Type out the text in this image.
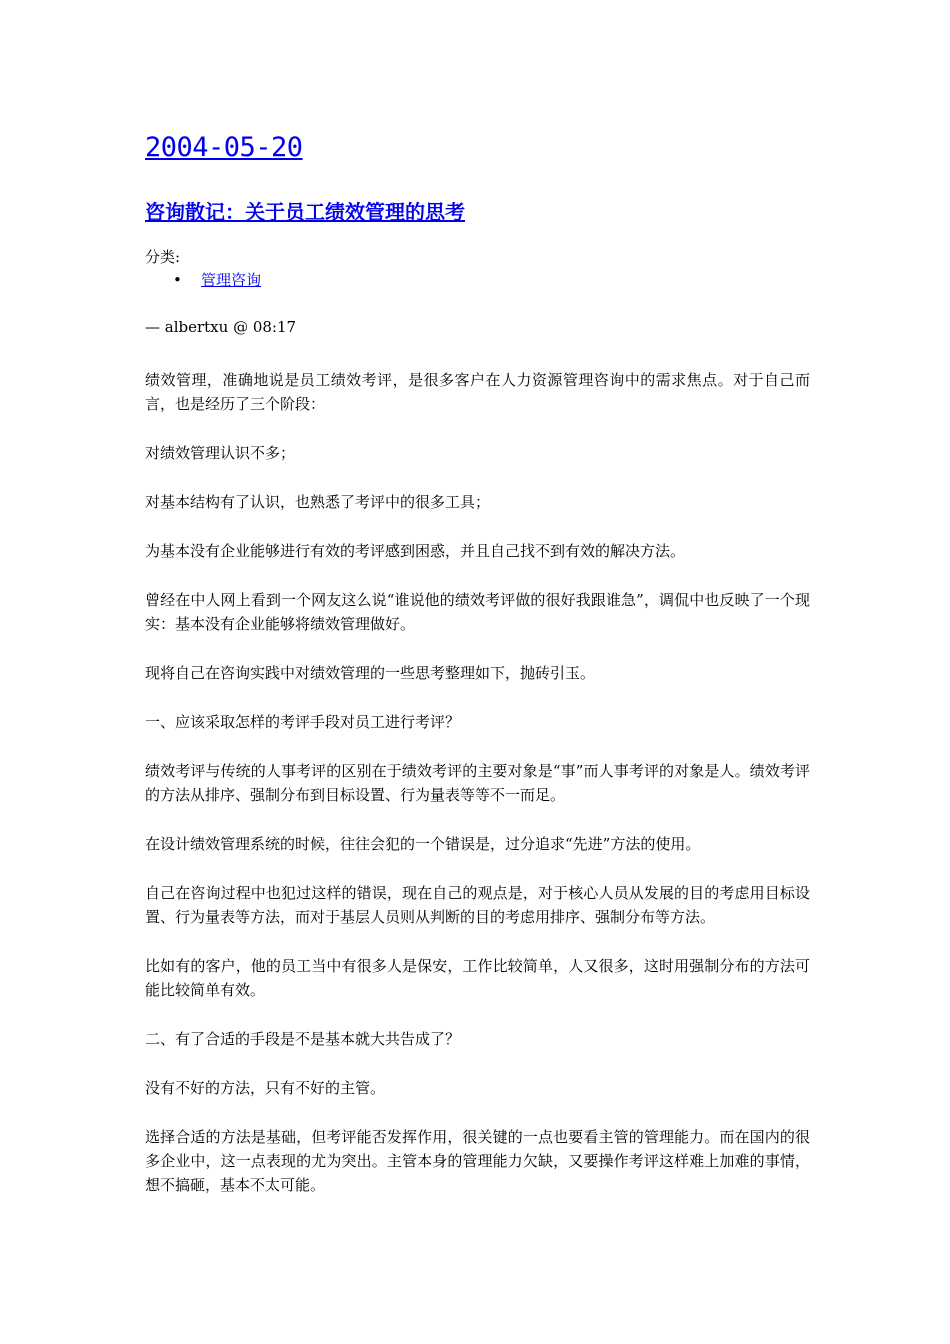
2004-05-20
咨询散记：关于员工绩效管理的思考
分类:
• 管理咨询
— albertxu @ 08:17

绩效管理，准确地说是员工绩效考评，是很多客户在人力资源管理咨询中的需求焦点。对于自己而言，也是经历了三个阶段：

对绩效管理认识不多；

对基本结构有了认识，也熟悉了考评中的很多工具；

为基本没有企业能够进行有效的考评感到困惑，并且自己找不到有效的解决方法。

曾经在中人网上看到一个网友这么说“谁说他的绩效考评做的很好我跟谁急”，调侃中也反映了一个现实：基本没有企业能够将绩效管理做好。

现将自己在咨询实践中对绩效管理的一些思考整理如下，抛砖引玉。

一、应该采取怎样的考评手段对员工进行考评？

绩效考评与传统的人事考评的区别在于绩效考评的主要对象是“事”而人事考评的对象是人。绩效考评的方法从排序、强制分布到目标设置、行为量表等等不一而足。

在设计绩效管理系统的时候，往往会犯的一个错误是，过分追求“先进”方法的使用。

自己在咨询过程中也犯过这样的错误，现在自己的观点是，对于核心人员从发展的目的考虑用目标设置、行为量表等方法，而对于基层人员则从判断的目的考虑用排序、强制分布等方法。

比如有的客户，他的员工当中有很多人是保安，工作比较简单，人又很多，这时用强制分布的方法可能比较简单有效。

二、有了合适的手段是不是基本就大共告成了？

没有不好的方法，只有不好的主管。

选择合适的方法是基础，但考评能否发挥作用，很关键的一点也要看主管的管理能力。而在国内的很多企业中，这一点表现的尤为突出。主管本身的管理能力欠缺，又要操作考评这样难上加难的事情，想不搞砸，基本不太可能。
